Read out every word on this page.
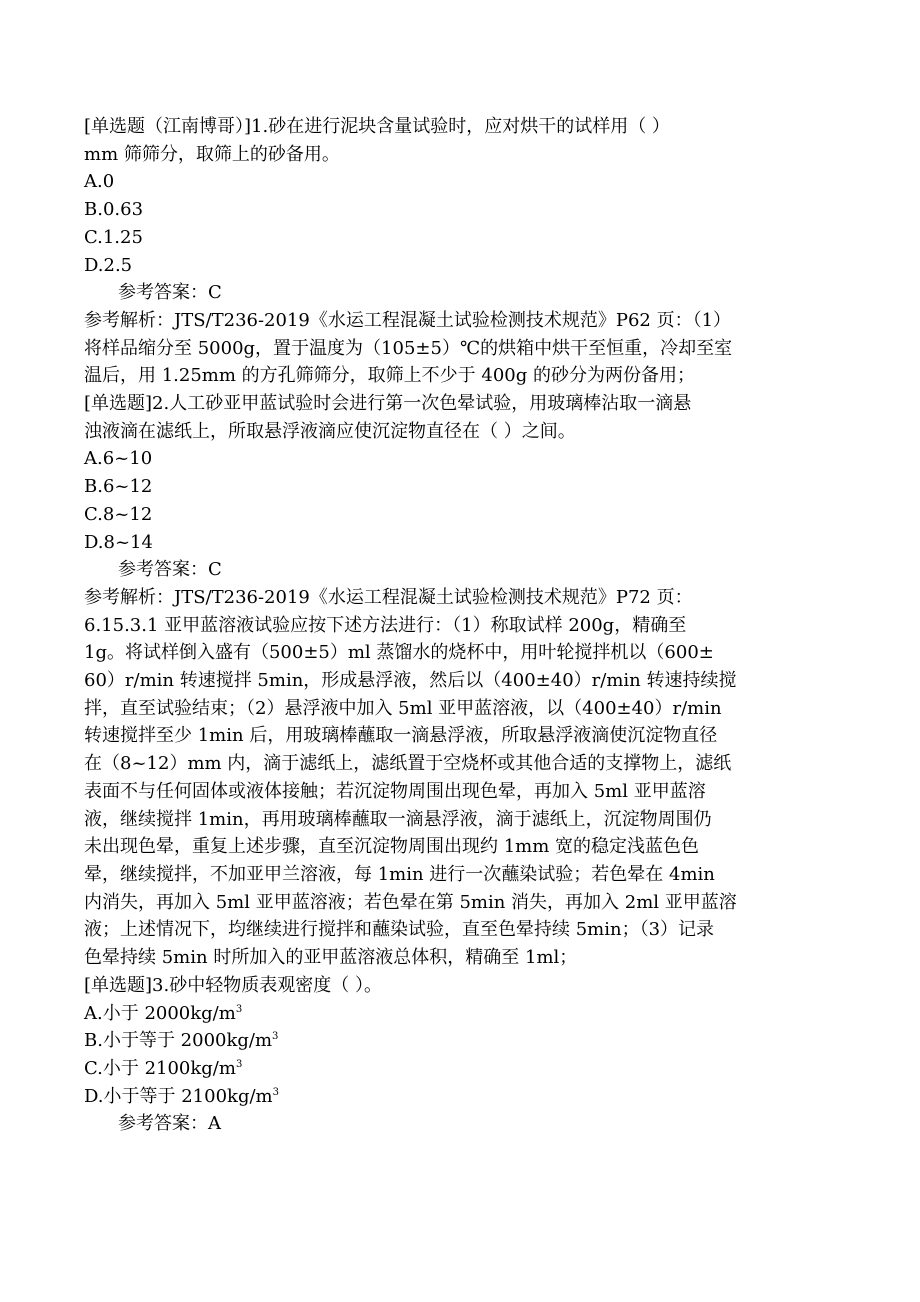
[单选题（江南博哥）]1.砂在进行泥块含量试验时，应对烘干的试样用（ ）
mm 筛筛分，取筛上的砂备用。
A.0
B.0.63
C.1.25
D.2.5
参考答案：C
参考解析：JTS/T236-2019《水运工程混凝土试验检测技术规范》P62 页：（1）
将样品缩分至 5000g，置于温度为（105±5）℃的烘箱中烘干至恒重，冷却至室
温后，用 1.25mm 的方孔筛筛分，取筛上不少于 400g 的砂分为两份备用；
[单选题]2.人工砂亚甲蓝试验时会进行第一次色晕试验，用玻璃棒沾取一滴悬
浊液滴在滤纸上，所取悬浮液滴应使沉淀物直径在（ ）之间。
A.6~10
B.6~12
C.8~12
D.8~14
参考答案：C
参考解析：JTS/T236-2019《水运工程混凝土试验检测技术规范》P72 页：
6.15.3.1 亚甲蓝溶液试验应按下述方法进行：（1）称取试样 200g，精确至
1g。将试样倒入盛有（500±5）ml 蒸馏水的烧杯中，用叶轮搅拌机以（600±
60）r/min 转速搅拌 5min，形成悬浮液，然后以（400±40）r/min 转速持续搅
拌，直至试验结束；（2）悬浮液中加入 5ml 亚甲蓝溶液，以（400±40）r/min
转速搅拌至少 1min 后，用玻璃棒蘸取一滴悬浮液，所取悬浮液滴使沉淀物直径
在（8~12）mm 内，滴于滤纸上，滤纸置于空烧杯或其他合适的支撑物上，滤纸
表面不与任何固体或液体接触；若沉淀物周围出现色晕，再加入 5ml 亚甲蓝溶
液，继续搅拌 1min，再用玻璃棒蘸取一滴悬浮液，滴于滤纸上，沉淀物周围仍
未出现色晕，重复上述步骤，直至沉淀物周围出现约 1mm 宽的稳定浅蓝色色
晕，继续搅拌，不加亚甲兰溶液，每 1min 进行一次蘸染试验；若色晕在 4min
内消失，再加入 5ml 亚甲蓝溶液；若色晕在第 5min 消失，再加入 2ml 亚甲蓝溶
液；上述情况下，均继续进行搅拌和蘸染试验，直至色晕持续 5min；（3）记录
色晕持续 5min 时所加入的亚甲蓝溶液总体积，精确至 1ml；
[单选题]3.砂中轻物质表观密度（ ）。
A.小于 $2000kg/m^3$
B.小于等于 $2000kg/m^3$
C.小于 $2100kg/m^3$
D.小于等于 $2100kg/m^3$
参考答案：A
